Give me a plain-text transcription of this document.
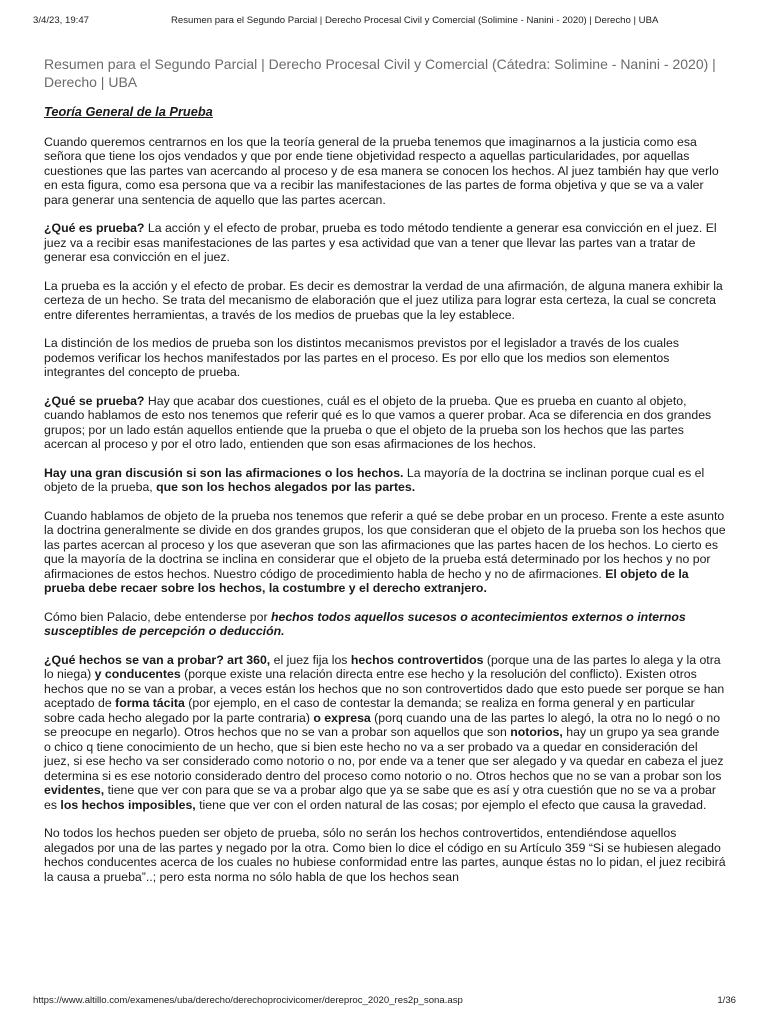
3/4/23, 19:47	Resumen para el Segundo Parcial | Derecho Procesal Civil y Comercial (Solimine - Nanini - 2020) | Derecho | UBA
Resumen para el Segundo Parcial | Derecho Procesal Civil y Comercial (Cátedra: Solimine - Nanini - 2020) | Derecho | UBA
Teoría General de la Prueba

Cuando queremos centrarnos en los que la teoría general de la prueba tenemos que imaginarnos a la justicia como esa señora que tiene los ojos vendados y que por ende tiene objetividad respecto a aquellas particularidades, por aquellas cuestiones que las partes van acercando al proceso y de esa manera se conocen los hechos. Al juez también hay que verlo en esta figura, como esa persona que va a recibir las manifestaciones de las partes de forma objetiva y que se va a valer para generar una sentencia de aquello que las partes acercan.

¿Qué es prueba? La acción y el efecto de probar, prueba es todo método tendiente a generar esa convicción en el juez. El juez va a recibir esas manifestaciones de las partes y esa actividad que van a tener que llevar las partes van a tratar de generar esa convicción en el juez.

La prueba es la acción y el efecto de probar. Es decir es demostrar la verdad de una afirmación, de alguna manera exhibir la certeza de un hecho. Se trata del mecanismo de elaboración que el juez utiliza para lograr esta certeza, la cual se concreta entre diferentes herramientas, a través de los medios de pruebas que la ley establece.

La distinción de los medios de prueba son los distintos mecanismos previstos por el legislador a través de los cuales podemos verificar los hechos manifestados por las partes en el proceso. Es por ello que los medios son elementos integrantes del concepto de prueba.

¿Qué se prueba? Hay que acabar dos cuestiones, cuál es el objeto de la prueba. Que es prueba en cuanto al objeto, cuando hablamos de esto nos tenemos que referir qué es lo que vamos a querer probar. Aca se diferencia en dos grandes grupos; por un lado están aquellos entiende que la prueba o que el objeto de la prueba son los hechos que las partes acercan al proceso y por el otro lado, entienden que son esas afirmaciones de los hechos.

Hay una gran discusión si son las afirmaciones o los hechos. La mayoría de la doctrina se inclinan porque cual es el objeto de la prueba, que son los hechos alegados por las partes.

Cuando hablamos de objeto de la prueba nos tenemos que referir a qué se debe probar en un proceso. Frente a este asunto la doctrina generalmente se divide en dos grandes grupos, los que consideran que el objeto de la prueba son los hechos que las partes acercan al proceso y los que aseveran que son las afirmaciones que las partes hacen de los hechos. Lo cierto es que la mayoría de la doctrina se inclina en considerar que el objeto de la prueba está determinado por los hechos y no por afirmaciones de estos hechos. Nuestro código de procedimiento habla de hecho y no de afirmaciones. El objeto de la prueba debe recaer sobre los hechos, la costumbre y el derecho extranjero.

Cómo bien Palacio, debe entenderse por hechos todos aquellos sucesos o acontecimientos externos o internos susceptibles de percepción o deducción.

¿Qué hechos se van a probar? art 360, el juez fija los hechos controvertidos (porque una de las partes lo alega y la otra lo niega) y conducentes (porque existe una relación directa entre ese hecho y la resolución del conflicto). Existen otros hechos que no se van a probar, a veces están los hechos que no son controvertidos dado que esto puede ser porque se han aceptado de forma tácita (por ejemplo, en el caso de contestar la demanda; se realiza en forma general y en particular sobre cada hecho alegado por la parte contraria) o expresa (porq cuando una de las partes lo alegó, la otra no lo negó o no se preocupe en negarlo). Otros hechos que no se van a probar son aquellos que son notorios, hay un grupo ya sea grande o chico q tiene conocimiento de un hecho, que si bien este hecho no va a ser probado va a quedar en consideración del juez, si ese hecho va ser considerado como notorio o no, por ende va a tener que ser alegado y va quedar en cabeza el juez determina si es ese notorio considerado dentro del proceso como notorio o no. Otros hechos que no se van a probar son los evidentes, tiene que ver con para que se va a probar algo que ya se sabe que es así y otra cuestión que no se va a probar es los hechos imposibles, tiene que ver con el orden natural de las cosas; por ejemplo el efecto que causa la gravedad.

No todos los hechos pueden ser objeto de prueba, sólo no serán los hechos controvertidos, entendiéndose aquellos alegados por una de las partes y negado por la otra. Como bien lo dice el código en su Artículo 359 “Si se hubiesen alegado hechos conducentes acerca de los cuales no hubiese conformidad entre las partes, aunque éstas no lo pidan, el juez recibirá la causa a prueba”..; pero esta norma no sólo habla de que los hechos sean

https://www.altillo.com/examenes/uba/derecho/derechoprocivicomer/dereproc_2020_res2p_sona.asp	1/36
